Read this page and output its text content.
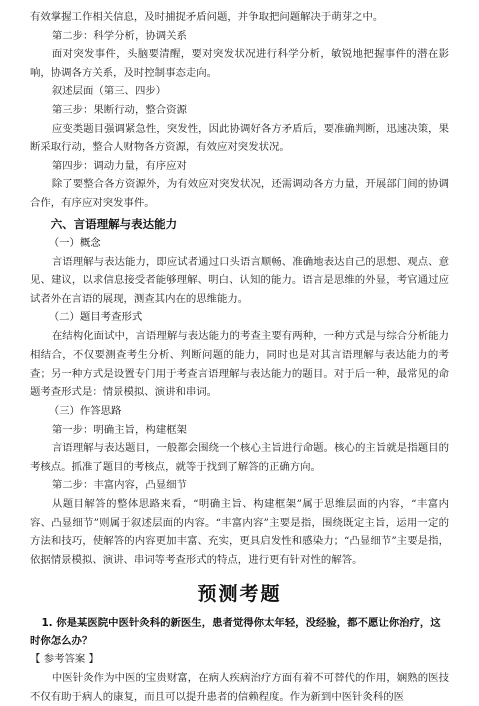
有效掌握工作相关信息，及时捕捉矛盾问题，并争取把问题解决于萌芽之中。

第二步：科学分析，协调关系

面对突发事件，头脑要清醒，要对突发状况进行科学分析，敏锐地把握事件的潜在影响，协调各方关系，及时控制事态走向。

叙述层面（第三、四步）

第三步：果断行动，整合资源

应变类题目强调紧急性，突发性，因此协调好各方矛盾后，要准确判断，迅速决策，果断采取行动，整合人财物各方资源，有效应对突发状况。

第四步：调动力量，有序应对

除了要整合各方资源外，为有效应对突发状况，还需调动各方力量，开展部门间的协调合作，有序应对突发事件。

六、言语理解与表达能力

（一）概念

言语理解与表达能力，即应试者通过口头语言顺畅、准确地表达自己的思想、观点、意见、建议，以求信息接受者能够理解、明白、认知的能力。语言是思维的外显，考官通过应试者外在言语的展现，测查其内在的思维能力。

（二）题目考查形式

在结构化面试中，言语理解与表达能力的考查主要有两种，一种方式是与综合分析能力相结合，不仅要测查考生分析、判断问题的能力，同时也是对其言语理解与表达能力的考查；另一种方式是设置专门用于考查言语理解与表达能力的题目。对于后一种，最常见的命题考查形式是：情景模拟、演讲和串词。

（三）作答思路

第一步：明确主旨，构建框架

言语理解与表达题目，一般都会围绕一个核心主旨进行命题。核心的主旨就是指题目的考核点。抓准了题目的考核点，就等于找到了解答的正确方向。

第二步：丰富内容，凸显细节

从题目解答的整体思路来看，“明确主旨、构建框架”属于思维层面的内容，“丰富内容、凸显细节”则属于叙述层面的内容。“丰富内容”主要是指，围绕既定主旨，运用一定的方法和技巧，使解答的内容更加丰富、充实，更具启发性和感染力；“凸显细节”主要是指，依据情景模拟、演讲、串词等考查形式的特点，进行更有针对性的解答。

预测考题

1. 你是某医院中医针灸科的新医生，患者觉得你太年轻，没经验，都不愿让你治疗，这时你怎么办？

【 参考答案 】

中医针灸作为中医的宝贵财富，在病人疾病治疗方面有着不可替代的作用，娴熟的医技不仅有助于病人的康复，而且可以提升患者的信赖程度。作为新到中医针灸科的医
